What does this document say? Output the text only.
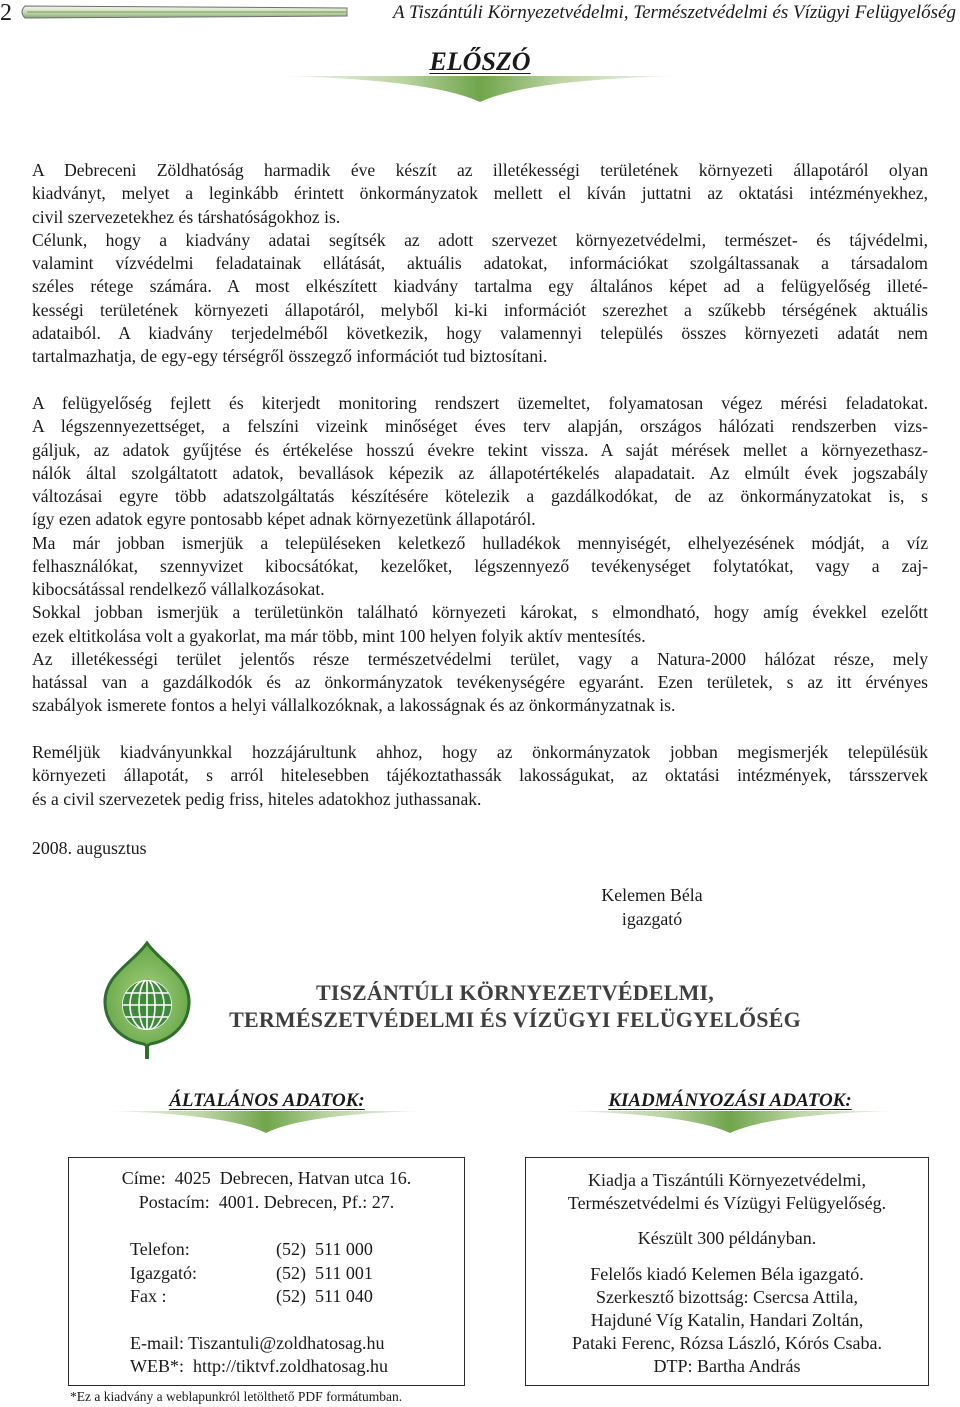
2	A Tiszántúli Környezetvédelmi, Természetvédelmi és Vízügyi Felügyelőség
ELŐSZÓ
A Debreceni Zöldhatóság harmadik éve készít az illetékességi területének környezeti állapotáról olyan
kiadványt, melyet a leginkább érintett önkormányzatok mellett el kíván juttatni az oktatási intézményekhez,
civil szervezetekhez és társhatóságokhoz is.
Célunk, hogy a kiadvány adatai segítsék az adott szervezet környezetvédelmi, természet- és tájvédelmi,
valamint vízvédelmi feladatainak ellátását, aktuális adatokat, információkat szolgáltassanak a társadalom
széles rétege számára. A most elkészített kiadvány tartalma egy általános képet ad a felügyelőség illeté-
kességi területének környezeti állapotáról, melyből ki-ki információt szerezhet a szűkebb térségének aktuális
adataiból. A kiadvány terjedelméből következik, hogy valamennyi település összes környezeti adatát nem
tartalmazhatja, de egy-egy térségről összegző információt tud biztosítani.
A felügyelőség fejlett és kiterjedt monitoring rendszert üzemeltet, folyamatosan végez mérési feladatokat.
A légszennyezettséget, a felszíni vizeink minőséget éves terv alapján, országos hálózati rendszerben vizs-
gáljuk, az adatok gyűjtése és értékelése hosszú évekre tekint vissza. A saját mérések mellet a környezethasz-
nálók által szolgáltatott adatok, bevallások képezik az állapotértékelés alapadatait. Az elmúlt évek jogszabály
változásai egyre több adatszolgáltatás készítésére kötelezik a gazdálkodókat, de az önkormányzatokat is, s
így ezen adatok egyre pontosabb képet adnak környezetünk állapotáról.
Ma már jobban ismerjük a településeken keletkező hulladékok mennyiségét, elhelyezésének módját, a víz
felhasználókat, szennyvizet kibocsátókat, kezelőket, légszennyező tevékenységet folytatókat, vagy a zaj-
kibocsátással rendelkező vállalkozásokat.
Sokkal jobban ismerjük a területünkön található környezeti károkat, s elmondható, hogy amíg évekkel ezelőtt
ezek eltitkolása volt a gyakorlat, ma már több, mint 100 helyen folyik aktív mentesítés.
Az illetékességi terület jelentős része természetvédelmi terület, vagy a Natura-2000 hálózat része, mely
hatással van a gazdálkodók és az önkormányzatok tevékenységére egyaránt. Ezen területek, s az itt érvényes
szabályok ismerete fontos a helyi vállalkozóknak, a lakosságnak és az önkormányzatnak is.
Reméljük kiadványunkkal hozzájárultunk ahhoz, hogy az önkormányzatok jobban megismerjék településük
környezeti állapotát, s arról hitelesebben tájékoztathassák lakosságukat, az oktatási intézmények, társszervek
és a civil szervezetek pedig friss, hiteles adatokhoz juthassanak.
2008. augusztus
Kelemen Béla
igazgató
TISZÁNTÚLI KÖRNYEZETVÉDELMI,
TERMÉSZETVÉDELMI ÉS VÍZÜGYI FELÜGYELŐSÉG
ÁLTALÁNOS ADATOK:	KIADMÁNYOZÁSI ADATOK:
Címe:  4025  Debrecen, Hatvan utca 16.
Postacím:  4001. Debrecen, Pf.: 27.
Telefon:	(52)  511 000
Igazgató:	(52)  511 001
Fax :	(52)  511 040
E-mail: Tiszantuli@zoldhatosag.hu
WEB*:  http://tiktvf.zoldhatosag.hu
Kiadja a Tiszántúli Környezetvédelmi,
Természetvédelmi és Vízügyi Felügyelőség.
Készült 300 példányban.
Felelős kiadó Kelemen Béla igazgató.
Szerkesztő bizottság: Csercsa Attila,
Hajduné Víg Katalin, Handari Zoltán,
Pataki Ferenc, Rózsa László, Kórós Csaba.
DTP: Bartha András
*Ez a kiadvány a weblapunkról letölthető PDF formátumban.
